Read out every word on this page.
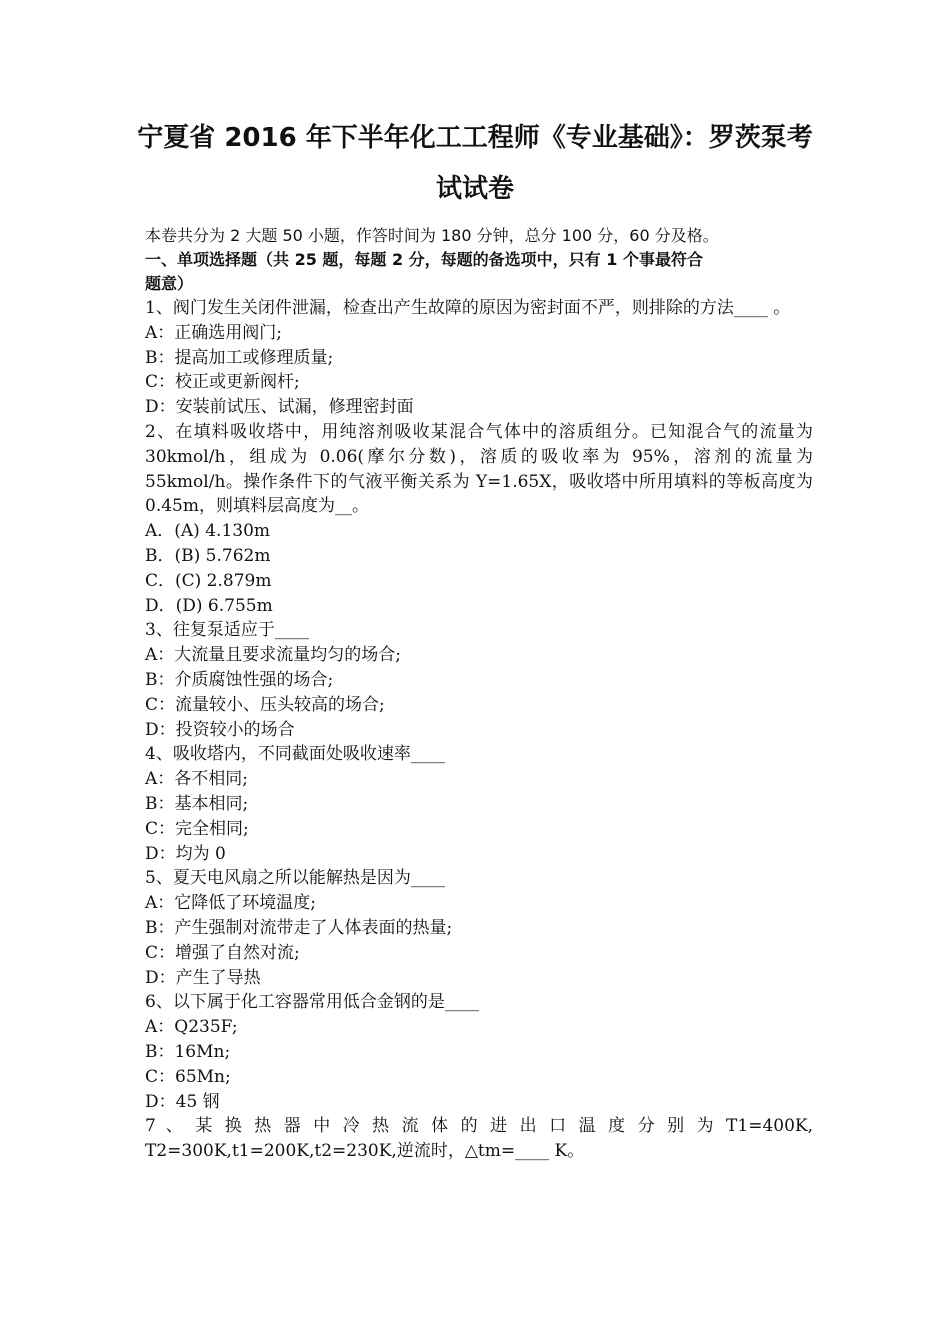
宁夏省 2016 年下半年化工工程师《专业基础》：罗茨泵考
试试卷
本卷共分为 2 大题 50 小题，作答时间为 180 分钟，总分 100 分，60 分及格。
一、单项选择题（共 25 题，每题 2 分，每题的备选项中，只有 1 个事最符合
题意）

1、阀门发生关闭件泄漏，检查出产生故障的原因为密封面不严，则排除的方法____ 。

A：正确选用阀门;

B：提高加工或修理质量;

C：校正或更新阀杆;

D：安装前试压、试漏，修理密封面

2、在填料吸收塔中，用纯溶剂吸收某混合气体中的溶质组分。已知混合气的流量为 30kmol/h，组成为 0.06(摩尔分数)，溶质的吸收率为 95%，溶剂的流量为 55kmol/h。操作条件下的气液平衡关系为 Y=1.65X，吸收塔中所用填料的等板高度为 0.45m，则填料层高度为__。

A．(A) 4.130m

B．(B) 5.762m

C．(C) 2.879m

D．(D) 6.755m

3、往复泵适应于____

A：大流量且要求流量均匀的场合;

B：介质腐蚀性强的场合;

C：流量较小、压头较高的场合;

D：投资较小的场合

4、吸收塔内，不同截面处吸收速率____

A：各不相同;

B：基本相同;

C：完全相同;

D：均为 0

5、夏天电风扇之所以能解热是因为____

A：它降低了环境温度;

B：产生强制对流带走了人体表面的热量;

C：增强了自然对流;

D：产生了导热

6、以下属于化工容器常用低合金钢的是____

A：Q235F;

B：16Mn;

C：65Mn;

D：45 钢

7 、 某 换 热 器 中 冷 热 流 体 的 进 出 口 温 度 分 别 为 T1=400K,

T2=300K,t1=200K,t2=230K,逆流时，△tm=____ K。
